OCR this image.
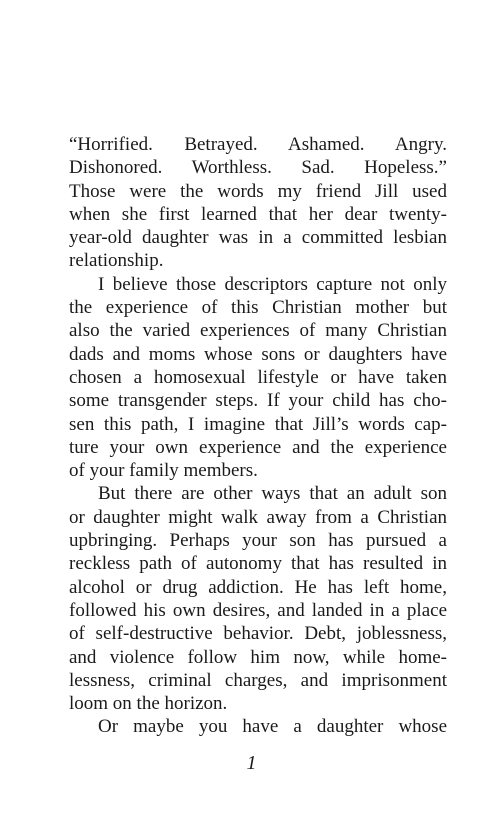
“Horrified. Betrayed. Ashamed. Angry.
Dishonored. Worthless. Sad. Hopeless.”
Those were the words my friend Jill used
when she first learned that her dear twenty-
year-old daughter was in a committed lesbian
relationship.
I believe those descriptors capture not only
the experience of this Christian mother but
also the varied experiences of many Christian
dads and moms whose sons or daughters have
chosen a homosexual lifestyle or have taken
some transgender steps. If your child has cho-
sen this path, I imagine that Jill’s words cap-
ture your own experience and the experience
of your family members.
But there are other ways that an adult son
or daughter might walk away from a Christian
upbringing. Perhaps your son has pursued a
reckless path of autonomy that has resulted in
alcohol or drug addiction. He has left home,
followed his own desires, and landed in a place
of self-destructive behavior. Debt, joblessness,
and violence follow him now, while home-
lessness, criminal charges, and imprisonment
loom on the horizon.
Or maybe you have a daughter whose
1
